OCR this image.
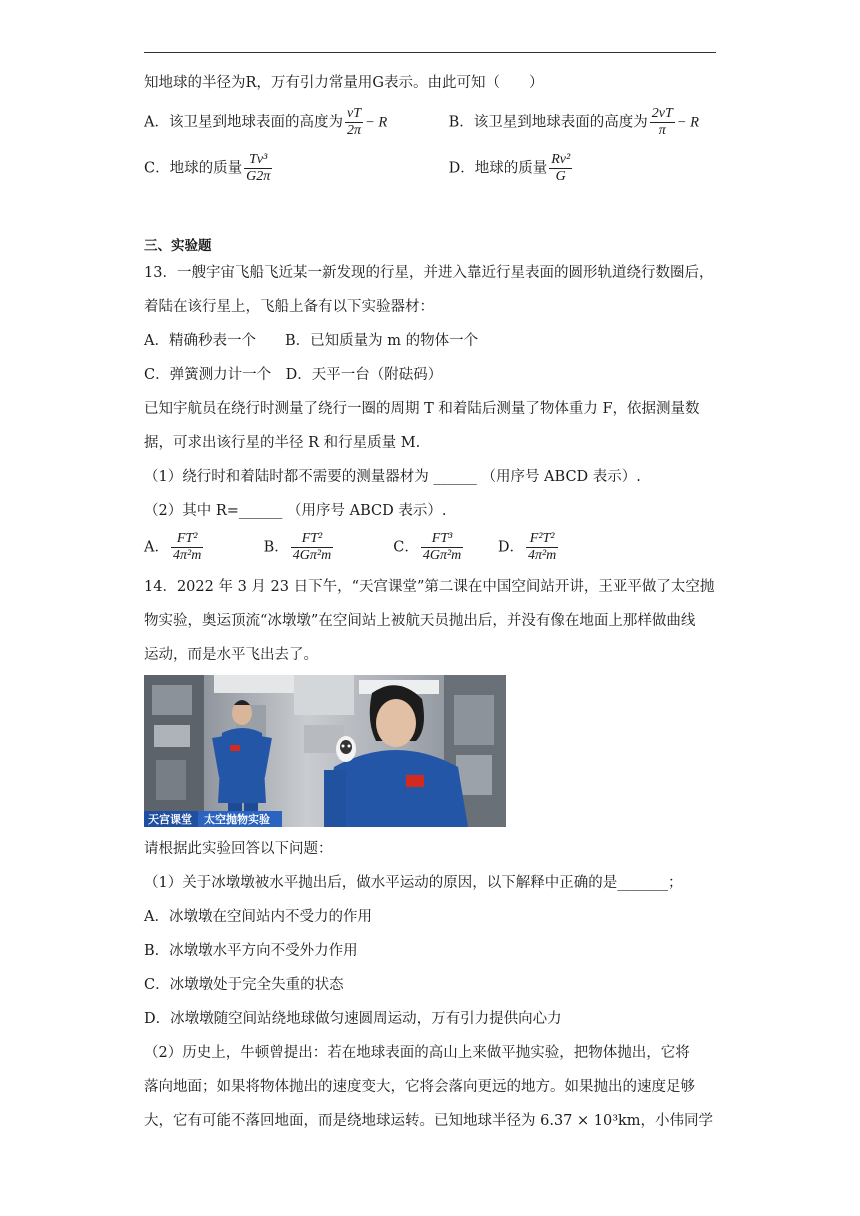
知地球的半径为R，万有引力常量用G表示。由此可知（　　）
A．该卫星到地球表面的高度为 $\frac{vT}{2\pi} - R$	B．该卫星到地球表面的高度为 $\frac{2vT}{\pi} - R$
C．地球的质量 $\frac{\text{Tv³}}{G2\pi}$	D．地球的质量 $\frac{\text{Rv²}}{G}$
三、实验题
13．一艘宇宙飞船飞近某一新发现的行星，并进入靠近行星表面的圆形轨道绕行数圈后，
着陆在该行星上，飞船上备有以下实验器材：
A．精确秒表一个　　B．已知质量为 m 的物体一个
C．弹簧测力计一个　D．天平一台（附砝码）
已知宇航员在绕行时测量了绕行一圈的周期 T 和着陆后测量了物体重力 F，依据测量数
据，可求出该行星的半径 R 和行星质量 M.
（1）绕行时和着陆时都不需要的测量器材为 ______ （用序号 ABCD 表示）.
（2）其中 R=______ （用序号 ABCD 表示）.
A． $\frac{\text{FT²}}{\text{4π²m}}$	B． $\frac{\text{FT²}}{\text{4Gπ²m}}$	C． $\frac{\text{FT³}}{\text{4Gπ²m}}$ D． $\frac{\text{F²T²}}{\text{4π²m}}$
14．2022 年 3 月 23 日下午，“天宫课堂”第二课在中国空间站开讲，王亚平做了太空抛
物实验，奥运顶流“冰墩墩”在空间站上被航天员抛出后，并没有像在地面上那样做曲线
运动，而是水平飞出去了。
天宫课堂 太空抛物实验
请根据此实验回答以下问题：
（1）关于冰墩墩被水平抛出后，做水平运动的原因，以下解释中正确的是_______；
A．冰墩墩在空间站内不受力的作用
B．冰墩墩水平方向不受外力作用
C．冰墩墩处于完全失重的状态
D．冰墩墩随空间站绕地球做匀速圆周运动，万有引力提供向心力
（2）历史上，牛顿曾提出：若在地球表面的高山上来做平抛实验，把物体抛出，它将
落向地面；如果将物体抛出的速度变大，它将会落向更远的地方。如果抛出的速度足够
大，它有可能不落回地面，而是绕地球运转。已知地球半径为 6.37 × 10³km，小伟同学
